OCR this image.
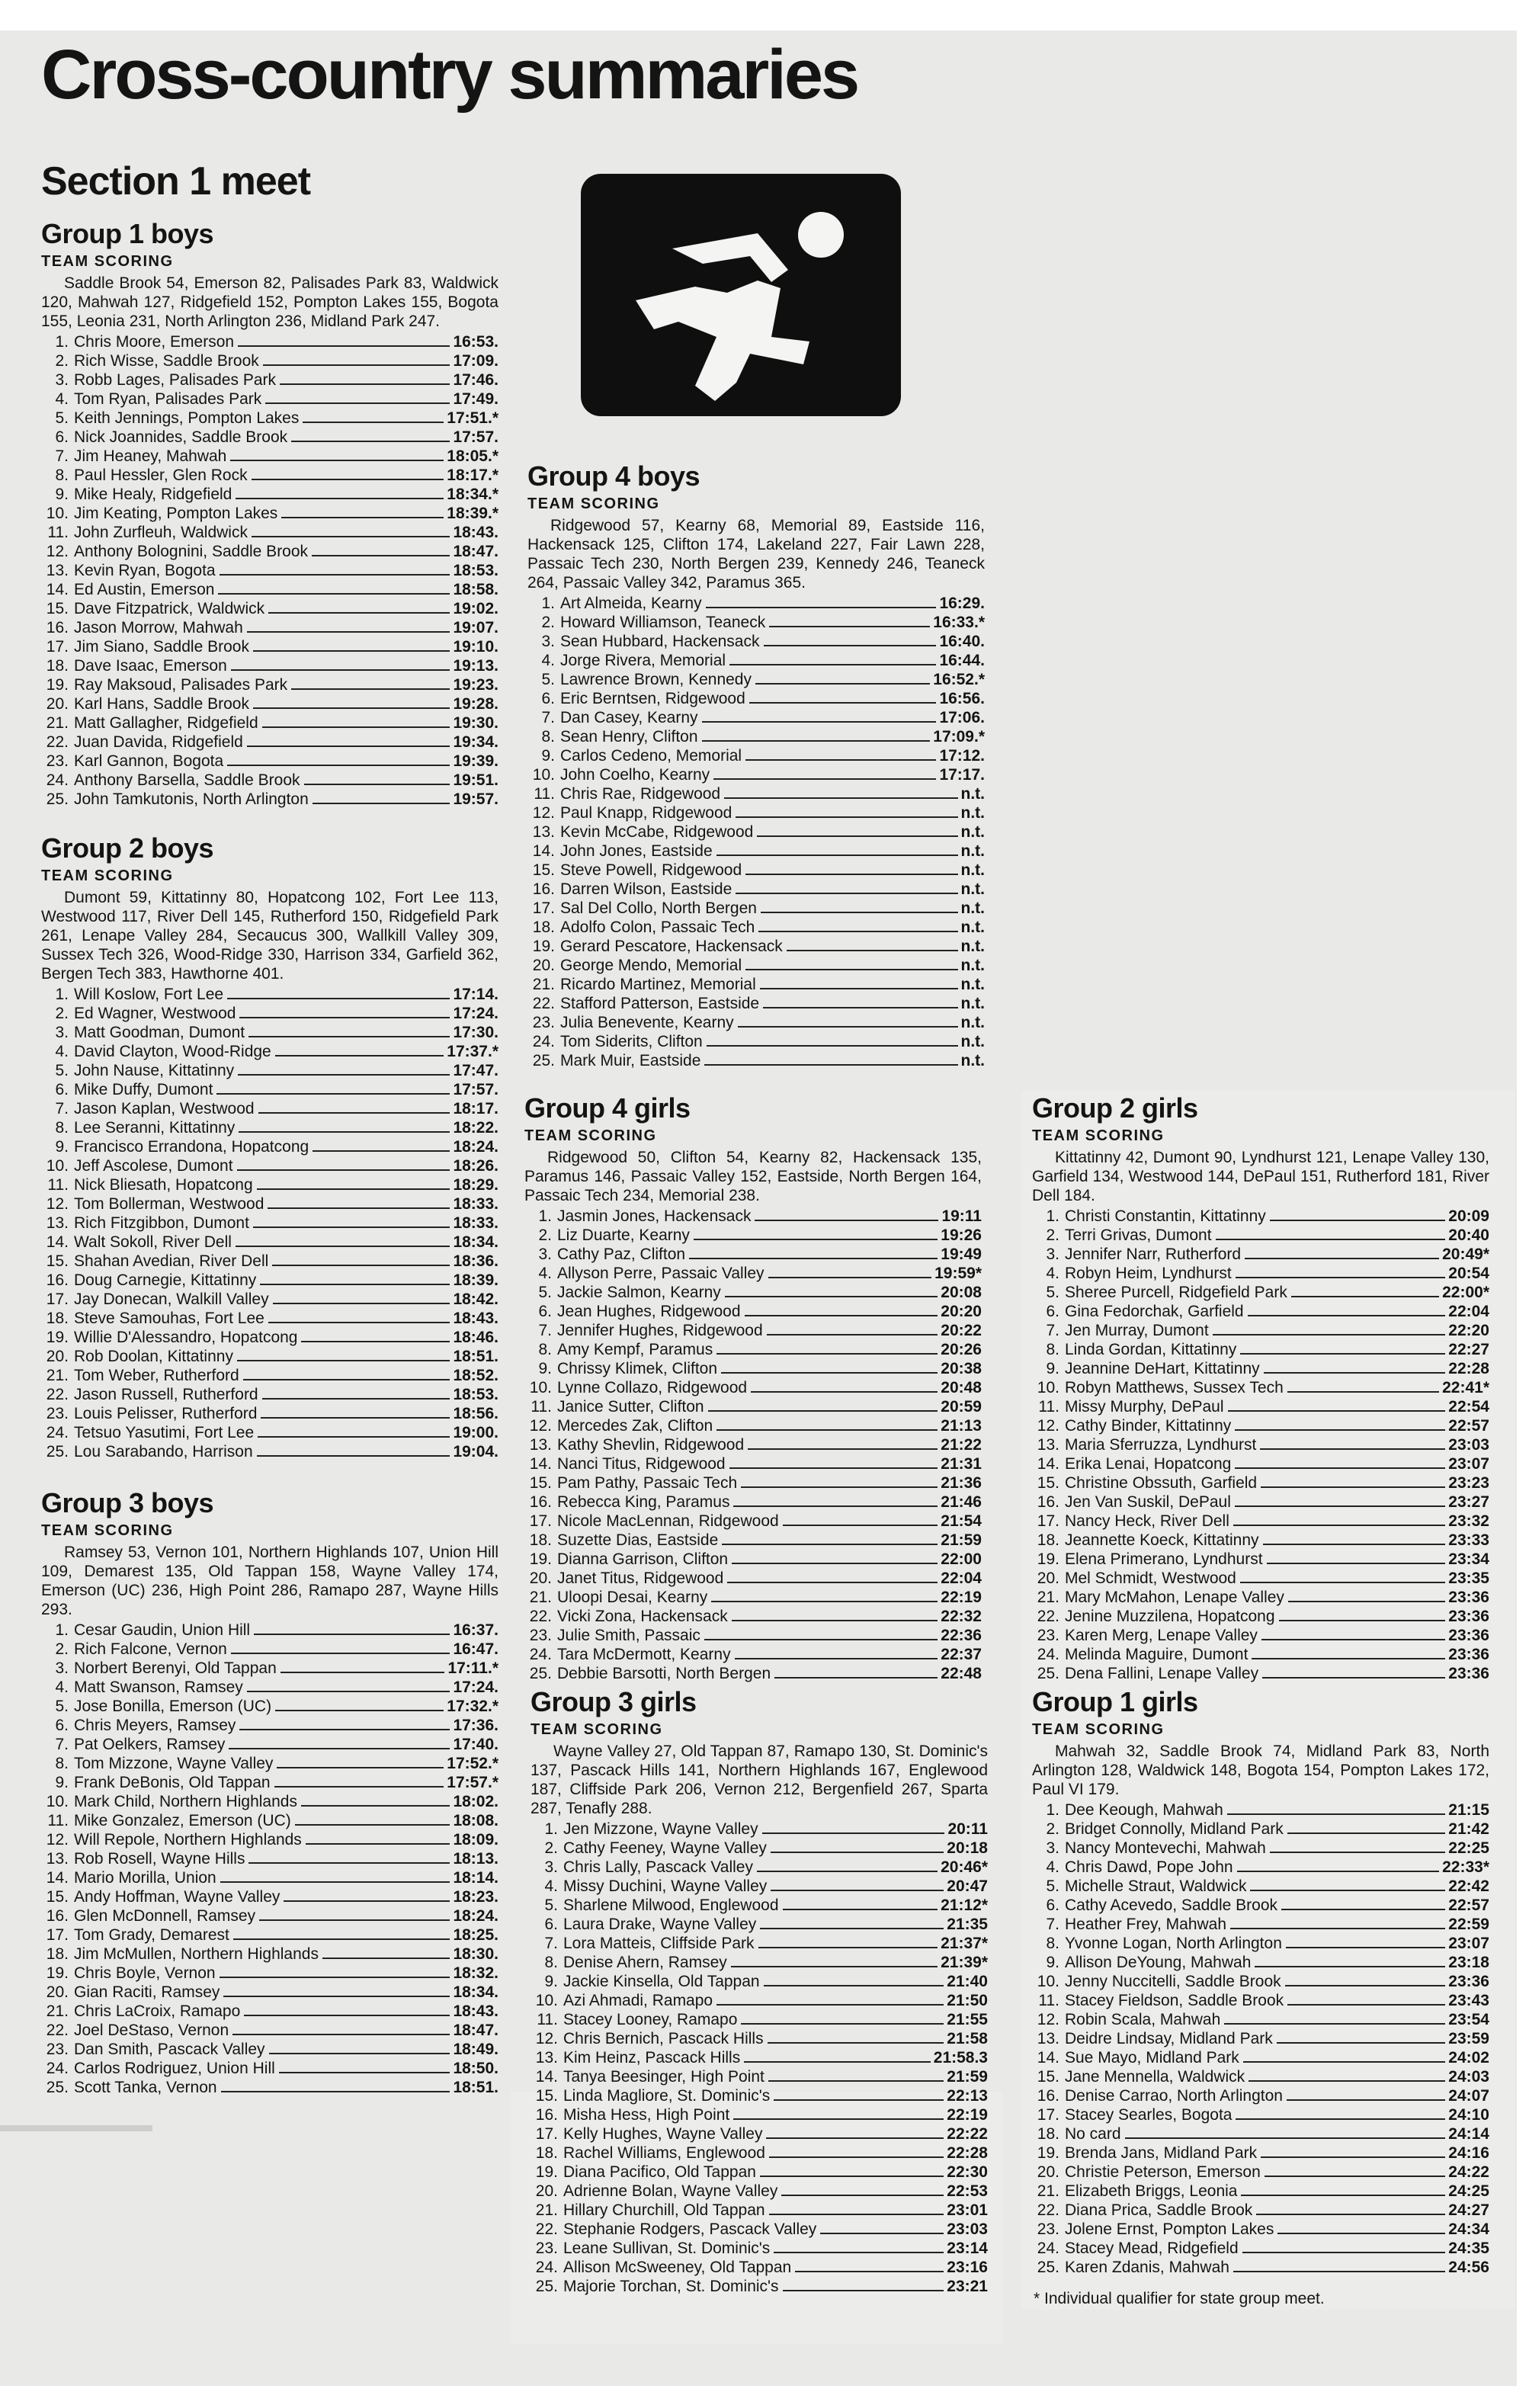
Cross-country summaries
Section 1 meet
Group 1 boys
TEAM SCORING

Saddle Brook 54, Emerson 82, Palisades Park 83, Waldwick 120, Mahwah 127, Ridgefield 152, Pompton Lakes 155, Bogota 155, Leonia 231, North Arlington 236, Midland Park 247.

1. Chris Moore, Emerson	16:53.
2. Rich Wisse, Saddle Brook	17:09.
3. Robb Lages, Palisades Park	17:46.
4. Tom Ryan, Palisades Park	17:49.
5. Keith Jennings, Pompton Lakes	17:51.*
6. Nick Joannides, Saddle Brook	17:57.
7. Jim Heaney, Mahwah	18:05.*
8. Paul Hessler, Glen Rock	18:17.*
9. Mike Healy, Ridgefield	18:34.*
10. Jim Keating, Pompton Lakes	18:39.*
11. John Zurfleuh, Waldwick	18:43.
12. Anthony Bolognini, Saddle Brook	18:47.
13. Kevin Ryan, Bogota	18:53.
14. Ed Austin, Emerson	18:58.
15. Dave Fitzpatrick, Waldwick	19:02.
16. Jason Morrow, Mahwah	19:07.
17. Jim Siano, Saddle Brook	19:10.
18. Dave Isaac, Emerson	19:13.
19. Ray Maksoud, Palisades Park	19:23.
20. Karl Hans, Saddle Brook	19:28.
21. Matt Gallagher, Ridgefield	19:30.
22. Juan Davida, Ridgefield	19:34.
23. Karl Gannon, Bogota	19:39.
24. Anthony Barsella, Saddle Brook	19:51.
25. John Tamkutonis, North Arlington	19:57.
Group 2 boys
TEAM SCORING

Dumont 59, Kittatinny 80, Hopatcong 102, Fort Lee 113, Westwood 117, River Dell 145, Rutherford 150, Ridgefield Park 261, Lenape Valley 284, Secaucus 300, Wallkill Valley 309, Sussex Tech 326, Wood-Ridge 330, Harrison 334, Garfield 362, Bergen Tech 383, Hawthorne 401.

1. Will Koslow, Fort Lee	17:14.
2. Ed Wagner, Westwood	17:24.
3. Matt Goodman, Dumont	17:30.
4. David Clayton, Wood-Ridge	17:37.*
5. John Nause, Kittatinny	17:47.
6. Mike Duffy, Dumont	17:57.
7. Jason Kaplan, Westwood	18:17.
8. Lee Seranni, Kittatinny	18:22.
9. Francisco Errandona, Hopatcong	18:24.
10. Jeff Ascolese, Dumont	18:26.
11. Nick Bliesath, Hopatcong	18:29.
12. Tom Bollerman, Westwood	18:33.
13. Rich Fitzgibbon, Dumont	18:33.
14. Walt Sokoll, River Dell	18:34.
15. Shahan Avedian, River Dell	18:36.
16. Doug Carnegie, Kittatinny	18:39.
17. Jay Donecan, Walkill Valley	18:42.
18. Steve Samouhas, Fort Lee	18:43.
19. Willie D'Alessandro, Hopatcong	18:46.
20. Rob Doolan, Kittatinny	18:51.
21. Tom Weber, Rutherford	18:52.
22. Jason Russell, Rutherford	18:53.
23. Louis Pelisser, Rutherford	18:56.
24. Tetsuo Yasutimi, Fort Lee	19:00.
25. Lou Sarabando, Harrison	19:04.
Group 3 boys
TEAM SCORING

Ramsey 53, Vernon 101, Northern Highlands 107, Union Hill 109, Demarest 135, Old Tappan 158, Wayne Valley 174, Emerson (UC) 236, High Point 286, Ramapo 287, Wayne Hills 293.

1. Cesar Gaudin, Union Hill	16:37.
2. Rich Falcone, Vernon	16:47.
3. Norbert Berenyi, Old Tappan	17:11.*
4. Matt Swanson, Ramsey	17:24.
5. Jose Bonilla, Emerson (UC)	17:32.*
6. Chris Meyers, Ramsey	17:36.
7. Pat Oelkers, Ramsey	17:40.
8. Tom Mizzone, Wayne Valley	17:52.*
9. Frank DeBonis, Old Tappan	17:57.*
10. Mark Child, Northern Highlands	18:02.
11. Mike Gonzalez, Emerson (UC)	18:08.
12. Will Repole, Northern Highlands	18:09.
13. Rob Rosell, Wayne Hills	18:13.
14. Mario Morilla, Union	18:14.
15. Andy Hoffman, Wayne Valley	18:23.
16. Glen McDonnell, Ramsey	18:24.
17. Tom Grady, Demarest	18:25.
18. Jim McMullen, Northern Highlands	18:30.
19. Chris Boyle, Vernon	18:32.
20. Gian Raciti, Ramsey	18:34.
21. Chris LaCroix, Ramapo	18:43.
22. Joel DeStaso, Vernon	18:47.
23. Dan Smith, Pascack Valley	18:49.
24. Carlos Rodriguez, Union Hill	18:50.
25. Scott Tanka, Vernon	18:51.
Group 4 boys
TEAM SCORING

Ridgewood 57, Kearny 68, Memorial 89, Eastside 116, Hackensack 125, Clifton 174, Lakeland 227, Fair Lawn 228, Passaic Tech 230, North Bergen 239, Kennedy 246, Teaneck 264, Passaic Valley 342, Paramus 365.

1. Art Almeida, Kearny	16:29.
2. Howard Williamson, Teaneck	16:33.*
3. Sean Hubbard, Hackensack	16:40.
4. Jorge Rivera, Memorial	16:44.
5. Lawrence Brown, Kennedy	16:52.*
6. Eric Berntsen, Ridgewood	16:56.
7. Dan Casey, Kearny	17:06.
8. Sean Henry, Clifton	17:09.*
9. Carlos Cedeno, Memorial	17:12.
10. John Coelho, Kearny	17:17.
11. Chris Rae, Ridgewood	n.t.
12. Paul Knapp, Ridgewood	n.t.
13. Kevin McCabe, Ridgewood	n.t.
14. John Jones, Eastside	n.t.
15. Steve Powell, Ridgewood	n.t.
16. Darren Wilson, Eastside	n.t.
17. Sal Del Collo, North Bergen	n.t.
18. Adolfo Colon, Passaic Tech	n.t.
19. Gerard Pescatore, Hackensack	n.t.
20. George Mendo, Memorial	n.t.
21. Ricardo Martinez, Memorial	n.t.
22. Stafford Patterson, Eastside	n.t.
23. Julia Benevente, Kearny	n.t.
24. Tom Siderits, Clifton	n.t.
25. Mark Muir, Eastside	n.t.
Group 4 girls
TEAM SCORING

Ridgewood 50, Clifton 54, Kearny 82, Hackensack 135, Paramus 146, Passaic Valley 152, Eastside, North Bergen 164, Passaic Tech 234, Memorial 238.

1. Jasmin Jones, Hackensack	19:11
2. Liz Duarte, Kearny	19:26
3. Cathy Paz, Clifton	19:49
4. Allyson Perre, Passaic Valley	19:59*
5. Jackie Salmon, Kearny	20:08
6. Jean Hughes, Ridgewood	20:20
7. Jennifer Hughes, Ridgewood	20:22
8. Amy Kempf, Paramus	20:26
9. Chrissy Klimek, Clifton	20:38
10. Lynne Collazo, Ridgewood	20:48
11. Janice Sutter, Clifton	20:59
12. Mercedes Zak, Clifton	21:13
13. Kathy Shevlin, Ridgewood	21:22
14. Nanci Titus, Ridgewood	21:31
15. Pam Pathy, Passaic Tech	21:36
16. Rebecca King, Paramus	21:46
17. Nicole MacLennan, Ridgewood	21:54
18. Suzette Dias, Eastside	21:59
19. Dianna Garrison, Clifton	22:00
20. Janet Titus, Ridgewood	22:04
21. Uloopi Desai, Kearny	22:19
22. Vicki Zona, Hackensack	22:32
23. Julie Smith, Passaic	22:36
24. Tara McDermott, Kearny	22:37
25. Debbie Barsotti, North Bergen	22:48
Group 3 girls
TEAM SCORING

Wayne Valley 27, Old Tappan 87, Ramapo 130, St. Dominic's 137, Pascack Hills 141, Northern Highlands 167, Englewood 187, Cliffside Park 206, Vernon 212, Bergenfield 267, Sparta 287, Tenafly 288.

1. Jen Mizzone, Wayne Valley	20:11
2. Cathy Feeney, Wayne Valley	20:18
3. Chris Lally, Pascack Valley	20:46*
4. Missy Duchini, Wayne Valley	20:47
5. Sharlene Milwood, Englewood	21:12*
6. Laura Drake, Wayne Valley	21:35
7. Lora Matteis, Cliffside Park	21:37*
8. Denise Ahern, Ramsey	21:39*
9. Jackie Kinsella, Old Tappan	21:40
10. Azi Ahmadi, Ramapo	21:50
11. Stacey Looney, Ramapo	21:55
12. Chris Bernich, Pascack Hills	21:58
13. Kim Heinz, Pascack Hills	21:58.3
14. Tanya Beesinger, High Point	21:59
15. Linda Magliore, St. Dominic's	22:13
16. Misha Hess, High Point	22:19
17. Kelly Hughes, Wayne Valley	22:22
18. Rachel Williams, Englewood	22:28
19. Diana Pacifico, Old Tappan	22:30
20. Adrienne Bolan, Wayne Valley	22:53
21. Hillary Churchill, Old Tappan	23:01
22. Stephanie Rodgers, Pascack Valley	23:03
23. Leane Sullivan, St. Dominic's	23:14
24. Allison McSweeney, Old Tappan	23:16
25. Majorie Torchan, St. Dominic's	23:21
Group 2 girls
TEAM SCORING

Kittatinny 42, Dumont 90, Lyndhurst 121, Lenape Valley 130, Garfield 134, Westwood 144, DePaul 151, Rutherford 181, River Dell 184.

1. Christi Constantin, Kittatinny	20:09
2. Terri Grivas, Dumont	20:40
3. Jennifer Narr, Rutherford	20:49*
4. Robyn Heim, Lyndhurst	20:54
5. Sheree Purcell, Ridgefield Park	22:00*
6. Gina Fedorchak, Garfield	22:04
7. Jen Murray, Dumont	22:20
8. Linda Gordan, Kittatinny	22:27
9. Jeannine DeHart, Kittatinny	22:28
10. Robyn Matthews, Sussex Tech	22:41*
11. Missy Murphy, DePaul	22:54
12. Cathy Binder, Kittatinny	22:57
13. Maria Sferruzza, Lyndhurst	23:03
14. Erika Lenai, Hopatcong	23:07
15. Christine Obssuth, Garfield	23:23
16. Jen Van Suskil, DePaul	23:27
17. Nancy Heck, River Dell	23:32
18. Jeannette Koeck, Kittatinny	23:33
19. Elena Primerano, Lyndhurst	23:34
20. Mel Schmidt, Westwood	23:35
21. Mary McMahon, Lenape Valley	23:36
22. Jenine Muzzilena, Hopatcong	23:36
23. Karen Merg, Lenape Valley	23:36
24. Melinda Maguire, Dumont	23:36
25. Dena Fallini, Lenape Valley	23:36
Group 1 girls
TEAM SCORING

Mahwah 32, Saddle Brook 74, Midland Park 83, North Arlington 128, Waldwick 148, Bogota 154, Pompton Lakes 172, Paul VI 179.

1. Dee Keough, Mahwah	21:15
2. Bridget Connolly, Midland Park	21:42
3. Nancy Montevechi, Mahwah	22:25
4. Chris Dawd, Pope John	22:33*
5. Michelle Straut, Waldwick	22:42
6. Cathy Acevedo, Saddle Brook	22:57
7. Heather Frey, Mahwah	22:59
8. Yvonne Logan, North Arlington	23:07
9. Allison DeYoung, Mahwah	23:18
10. Jenny Nuccitelli, Saddle Brook	23:36
11. Stacey Fieldson, Saddle Brook	23:43
12. Robin Scala, Mahwah	23:54
13. Deidre Lindsay, Midland Park	23:59
14. Sue Mayo, Midland Park	24:02
15. Jane Mennella, Waldwick	24:03
16. Denise Carrao, North Arlington	24:07
17. Stacey Searles, Bogota	24:10
18. No card	24:14
19. Brenda Jans, Midland Park	24:16
20. Christie Peterson, Emerson	24:22
21. Elizabeth Briggs, Leonia	24:25
22. Diana Prica, Saddle Brook	24:27
23. Jolene Ernst, Pompton Lakes	24:34
24. Stacey Mead, Ridgefield	24:35
25. Karen Zdanis, Mahwah	24:56

* Individual qualifier for state group meet.
